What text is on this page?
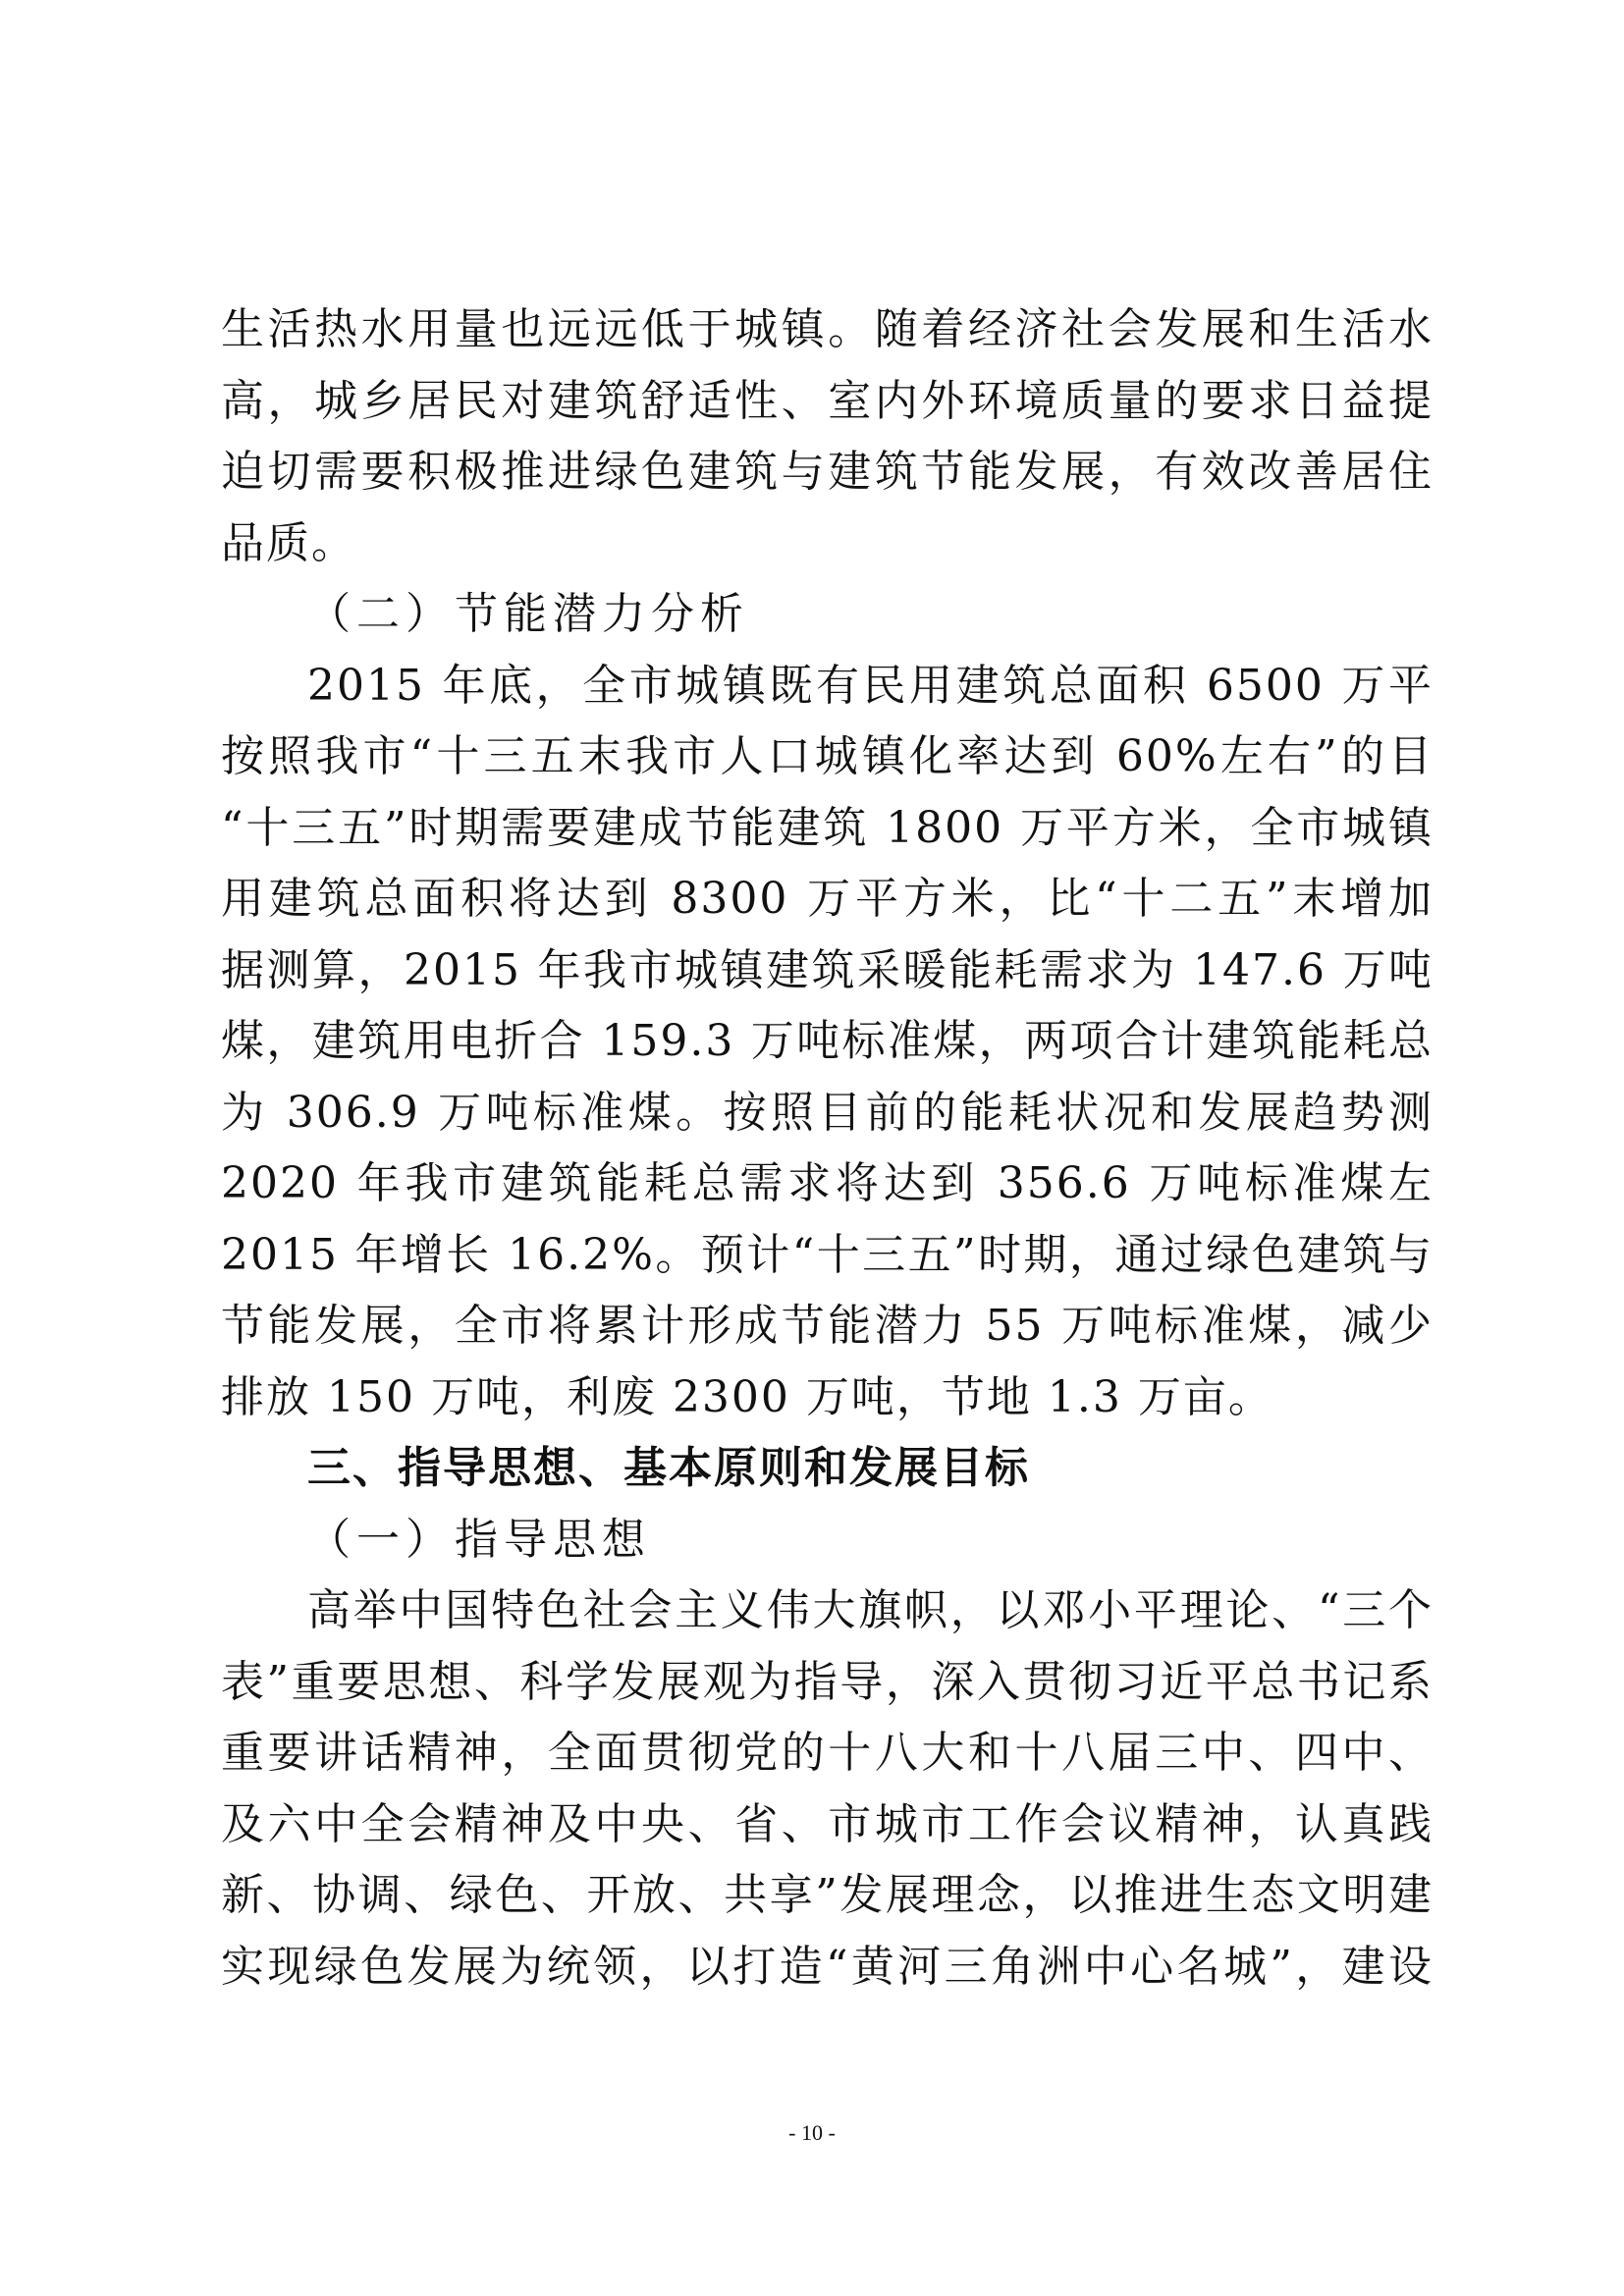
生活热水用量也远远低于城镇。随着经济社会发展和生活水
高，城乡居民对建筑舒适性、室内外环境质量的要求日益提
迫切需要积极推进绿色建筑与建筑节能发展，有效改善居住
品质。
（二）节能潜力分析
2015 年底，全市城镇既有民用建筑总面积 6500 万平
按照我市“十三五末我市人口城镇化率达到 60%左右”的目
“十三五”时期需要建成节能建筑 1800 万平方米，全市城镇
用建筑总面积将达到 8300 万平方米，比“十二五”末增加
据测算，2015 年我市城镇建筑采暖能耗需求为 147.6 万吨
煤，建筑用电折合 159.3 万吨标准煤，两项合计建筑能耗总
为 306.9 万吨标准煤。按照目前的能耗状况和发展趋势测
2020 年我市建筑能耗总需求将达到 356.6 万吨标准煤左
2015 年增长 16.2%。预计“十三五”时期，通过绿色建筑与
节能发展，全市将累计形成节能潜力 55 万吨标准煤，减少
排放 150 万吨，利废 2300 万吨，节地 1.3 万亩。
三、指导思想、基本原则和发展目标
（一）指导思想
高举中国特色社会主义伟大旗帜，以邓小平理论、“三个
表”重要思想、科学发展观为指导，深入贯彻习近平总书记系
重要讲话精神，全面贯彻党的十八大和十八届三中、四中、
及六中全会精神及中央、省、市城市工作会议精神，认真践
新、协调、绿色、开放、共享”发展理念，以推进生态文明建
实现绿色发展为统领，以打造“黄河三角洲中心名城”，建设
- 10 -
